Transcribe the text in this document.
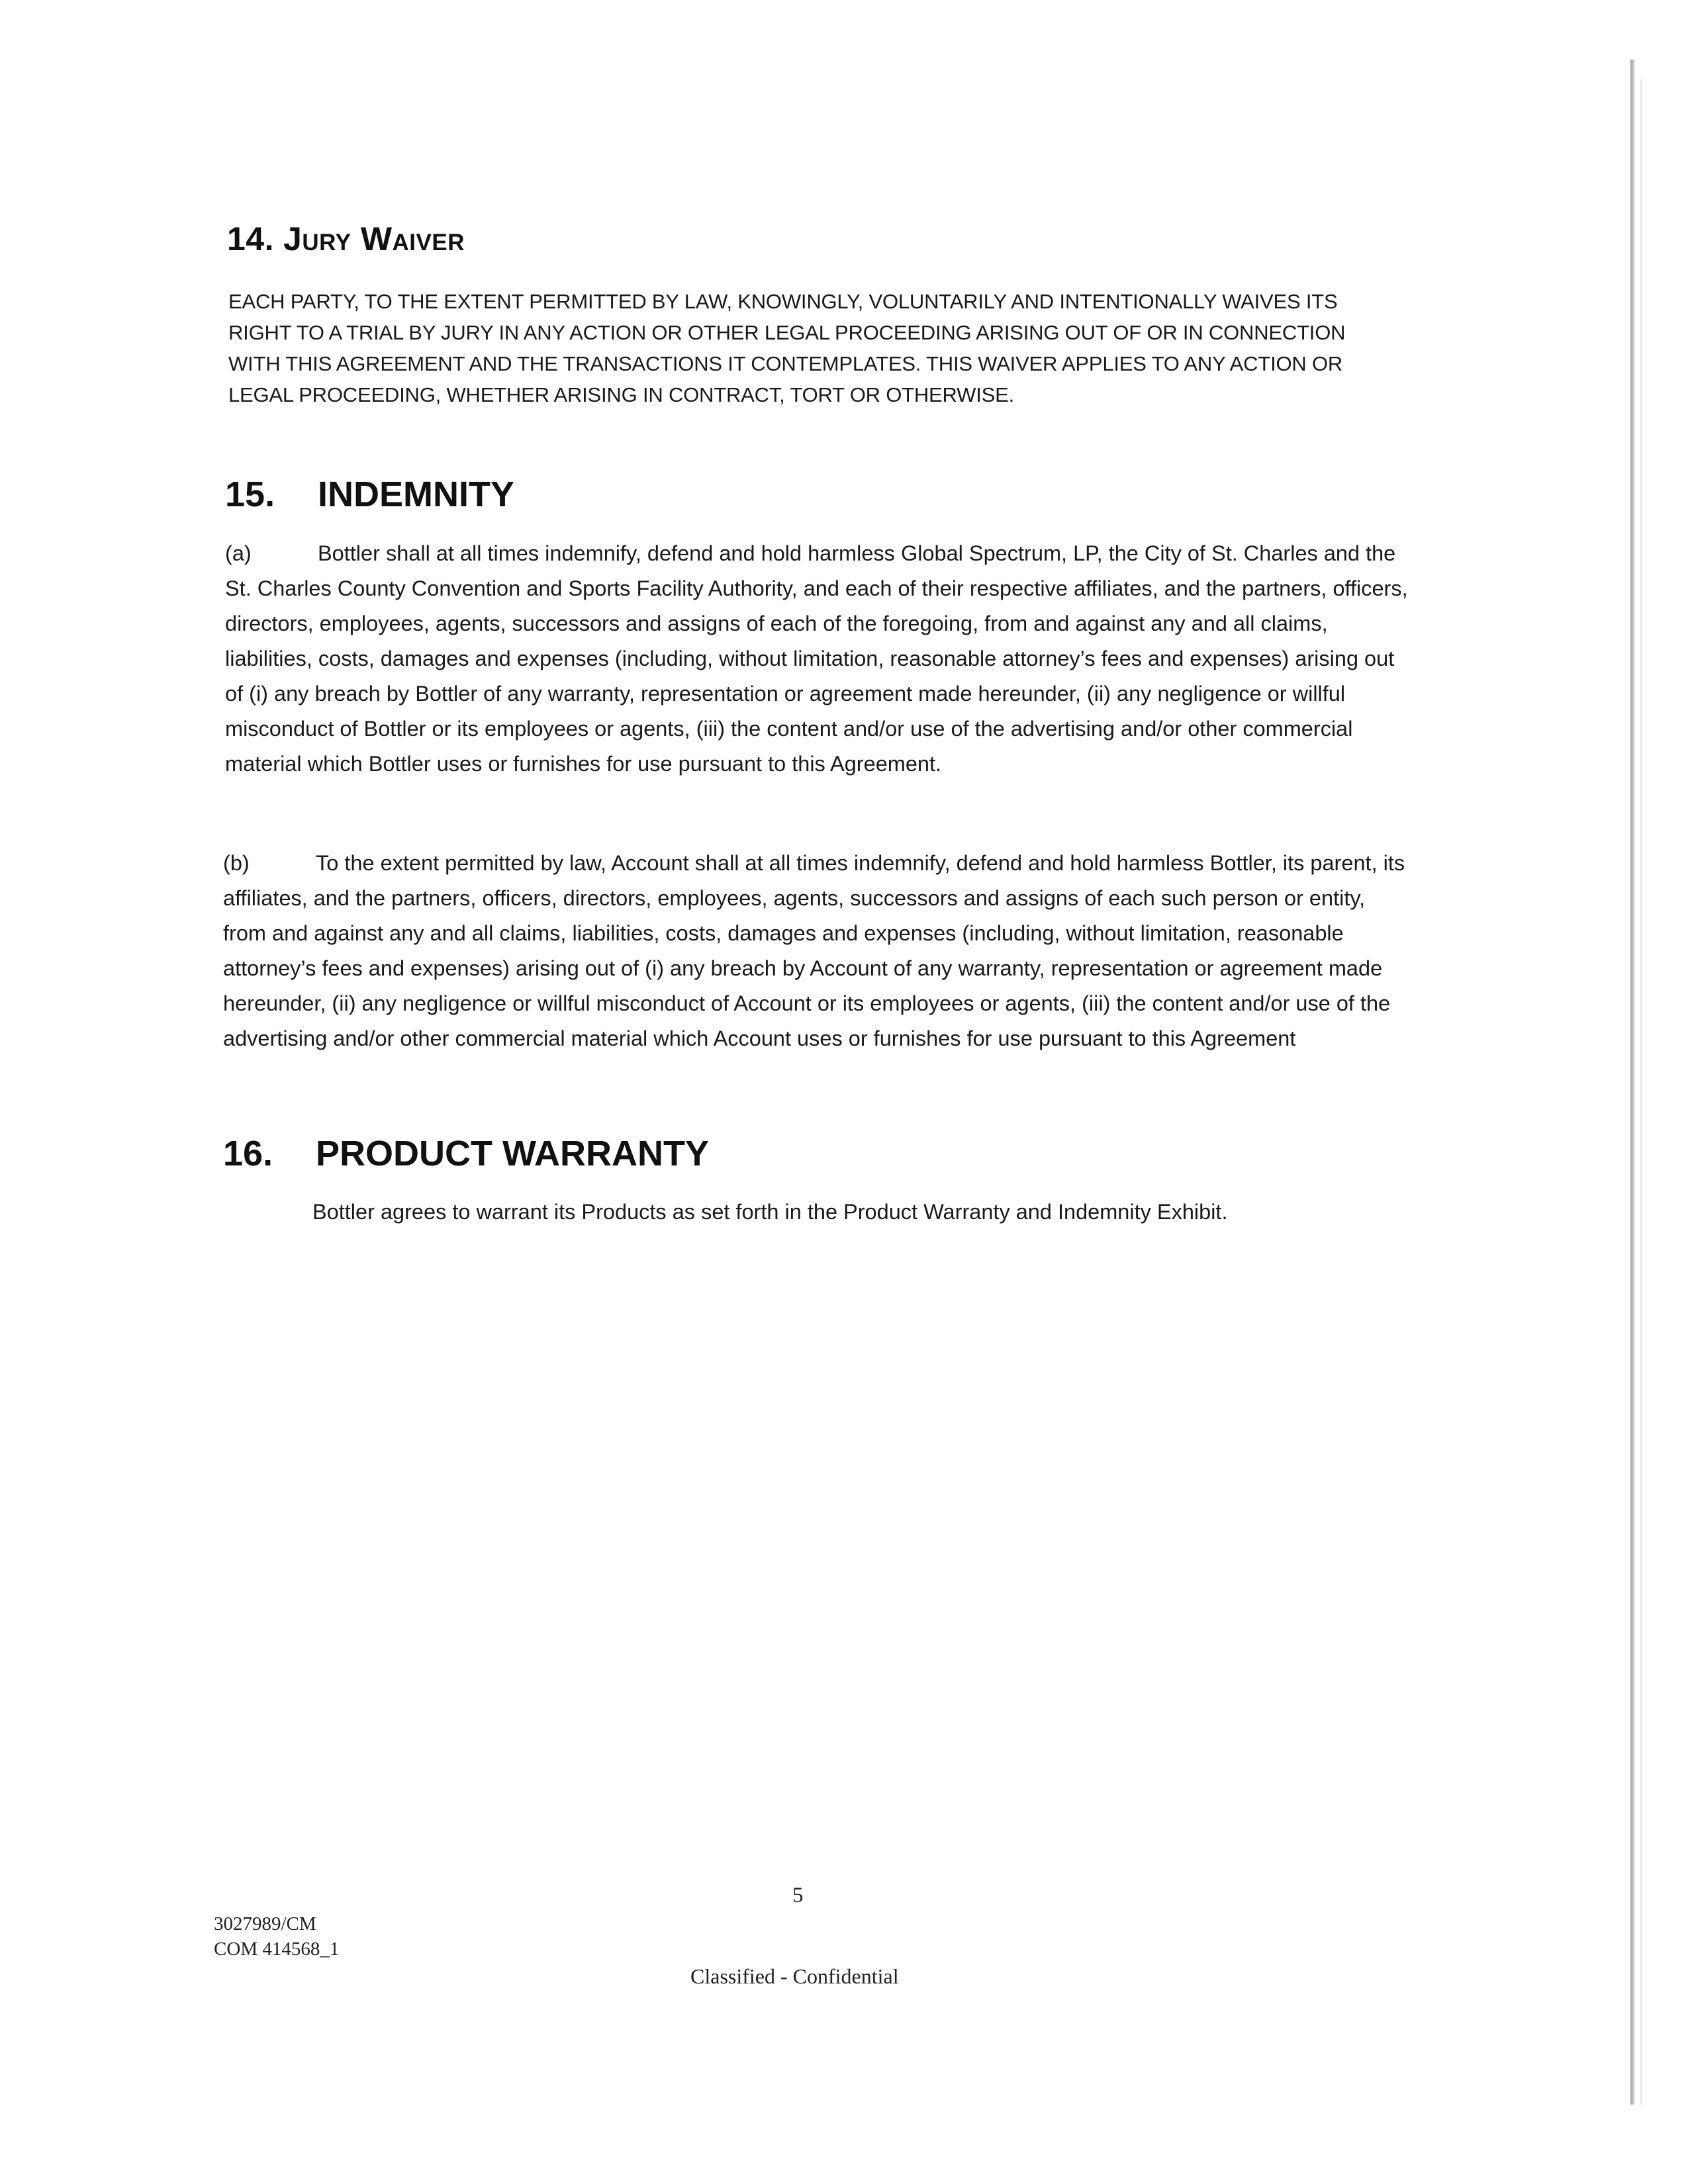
14. Jury Waiver

EACH PARTY, TO THE EXTENT PERMITTED BY LAW, KNOWINGLY, VOLUNTARILY AND INTENTIONALLY WAIVES ITS RIGHT TO A TRIAL BY JURY IN ANY ACTION OR OTHER LEGAL PROCEEDING ARISING OUT OF OR IN CONNECTION WITH THIS AGREEMENT AND THE TRANSACTIONS IT CONTEMPLATES. THIS WAIVER APPLIES TO ANY ACTION OR LEGAL PROCEEDING, WHETHER ARISING IN CONTRACT, TORT OR OTHERWISE.

15. INDEMNITY

(a)	Bottler shall at all times indemnify, defend and hold harmless Global Spectrum, LP, the City of St. Charles and the St. Charles County Convention and Sports Facility Authority, and each of their respective affiliates, and the partners, officers, directors, employees, agents, successors and assigns of each of the foregoing, from and against any and all claims, liabilities, costs, damages and expenses (including, without limitation, reasonable attorney’s fees and expenses) arising out of (i) any breach by Bottler of any warranty, representation or agreement made hereunder, (ii) any negligence or willful misconduct of Bottler or its employees or agents, (iii) the content and/or use of the advertising and/or other commercial material which Bottler uses or furnishes for use pursuant to this Agreement.

(b)	To the extent permitted by law, Account shall at all times indemnify, defend and hold harmless Bottler, its parent, its affiliates, and the partners, officers, directors, employees, agents, successors and assigns of each such person or entity, from and against any and all claims, liabilities, costs, damages and expenses (including, without limitation, reasonable attorney’s fees and expenses) arising out of (i) any breach by Account of any warranty, representation or agreement made hereunder, (ii) any negligence or willful misconduct of Account or its employees or agents, (iii) the content and/or use of the advertising and/or other commercial material which Account uses or furnishes for use pursuant to this Agreement

16. PRODUCT WARRANTY

Bottler agrees to warrant its Products as set forth in the Product Warranty and Indemnity Exhibit.

5
3027989/CM
COM 414568_1
Classified - Confidential
